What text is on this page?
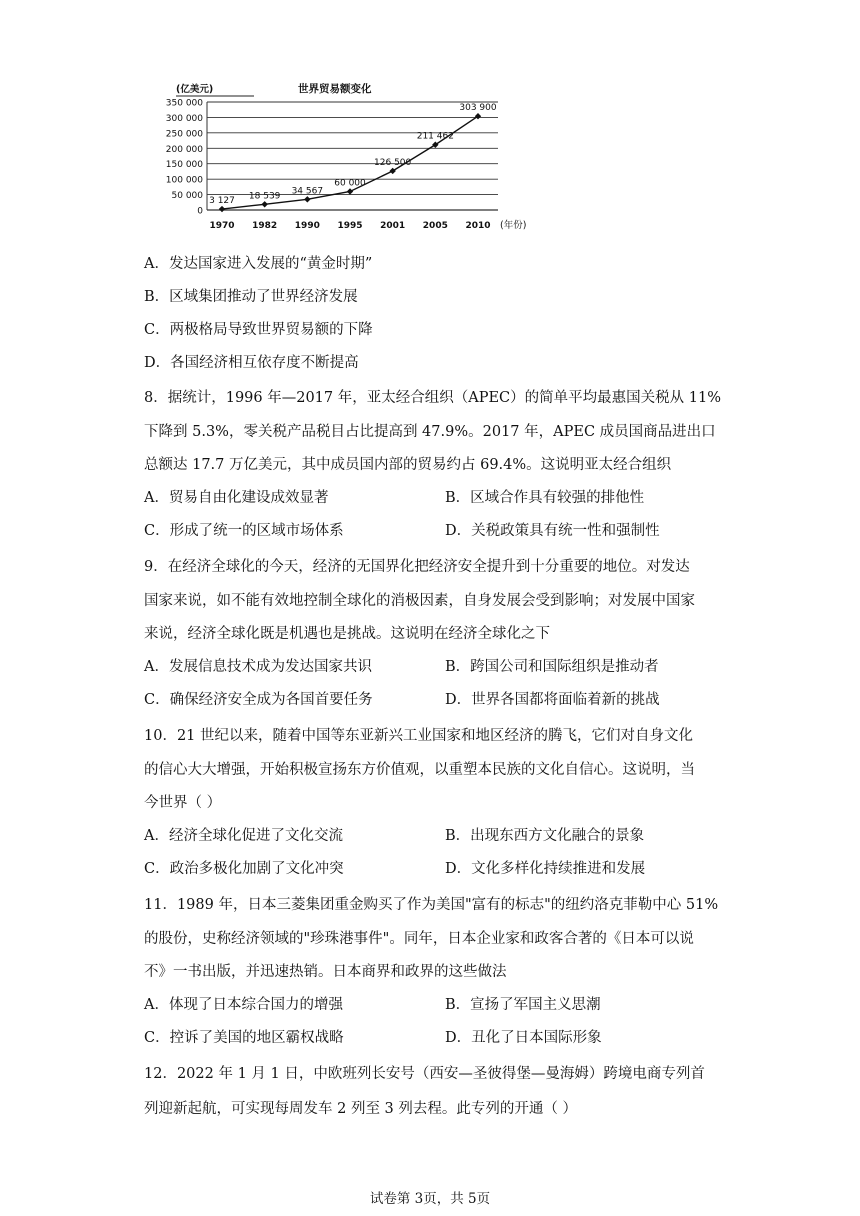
(亿美元)	世界贸易额变化
(年份)
0
50 000
100 000
150 000
200 000
250 000
300 000
350 000
1970 1982 1990 1995 2001 2005 2010
3 127 18 539 34 567
60 000
126 500
211 462
303 900
A．发达国家进入发展的“黄金时期”
B．区域集团推动了世界经济发展
C．两极格局导致世界贸易额的下降
D．各国经济相互依存度不断提高
8．据统计，1996 年—2017 年，亚太经合组织（APEC）的简单平均最惠国关税从 11%
下降到 5.3%，零关税产品税目占比提高到 47.9%。2017 年，APEC 成员国商品进出口
总额达 17.7 万亿美元，其中成员国内部的贸易约占 69.4%。这说明亚太经合组织
A．贸易自由化建设成效显著	B．区域合作具有较强的排他性
C．形成了统一的区域市场体系	D．关税政策具有统一性和强制性
9．在经济全球化的今天，经济的无国界化把经济安全提升到十分重要的地位。对发达
国家来说，如不能有效地控制全球化的消极因素，自身发展会受到影响；对发展中国家
来说，经济全球化既是机遇也是挑战。这说明在经济全球化之下
A．发展信息技术成为发达国家共识	B．跨国公司和国际组织是推动者
C．确保经济安全成为各国首要任务	D．世界各国都将面临着新的挑战
10．21 世纪以来，随着中国等东亚新兴工业国家和地区经济的腾飞，它们对自身文化
的信心大大增强，开始积极宣扬东方价值观，以重塑本民族的文化自信心。这说明，当
今世界（ ）
A．经济全球化促进了文化交流	B．出现东西方文化融合的景象
C．政治多极化加剧了文化冲突	D．文化多样化持续推进和发展
11．1989 年，日本三菱集团重金购买了作为美国"富有的标志"的纽约洛克菲勒中心 51%
的股份，史称经济领域的"珍珠港事件"。同年，日本企业家和政客合著的《日本可以说
不》一书出版，并迅速热销。日本商界和政界的这些做法
A．体现了日本综合国力的增强	B．宣扬了军国主义思潮
C．控诉了美国的地区霸权战略	D．丑化了日本国际形象
12．2022 年 1 月 1 日，中欧班列长安号（西安—圣彼得堡—曼海姆）跨境电商专列首
列迎新起航，可实现每周发车 2 列至 3 列去程。此专列的开通（ ）
试卷第 3页，共 5页
